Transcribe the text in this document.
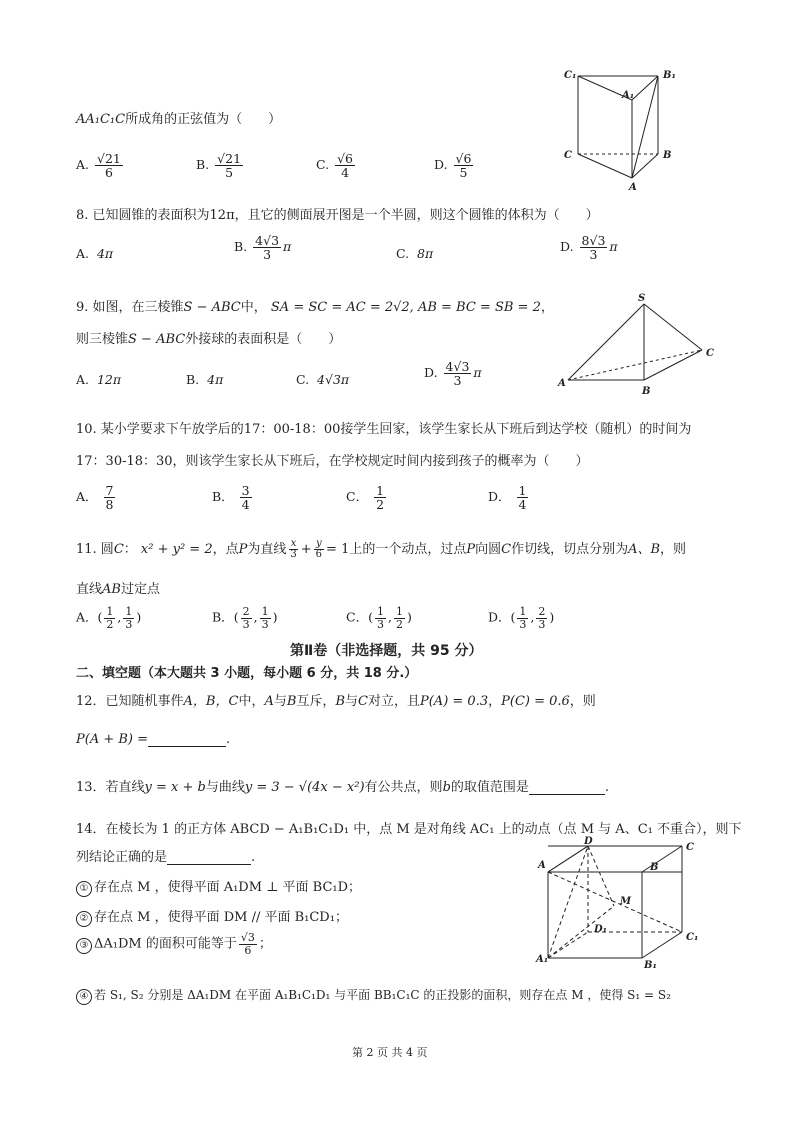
AA₁C₁C所成角的正弦值为（　　）
A. $\frac{√21}{6}$	B. $\frac{√21}{5}$	C. $\frac{√6}{4}$	D. $\frac{√6}{5}$
C₁	B₁
A₁
C	B
A
8. 已知圆锥的表面积为12π，且它的侧面展开图是一个半圆，则这个圆锥的体积为（　　）
A. 4π	B. $\frac{4√3}{3}$ π	C. 8π	D. $\frac{8√3}{3}$ π
9. 如图，在三棱锥S − ABC中， SA = SC = AC = 2√2, AB = BC = SB = 2，
则三棱锥S − ABC外接球的表面积是（　　）
A. 12π	B. 4π	C. 4√3π	D. $\frac{4√3}{3}$ π
S
C
A
B
10. 某小学要求下午放学后的17：00-18：00接学生回家，该学生家长从下班后到达学校（随机）的时间为
17：30-18：30，则该学生家长从下班后，在学校规定时间内接到孩子的概率为（　　）
A． $\frac{7}{8}$	B． $\frac{3}{4}$	C． $\frac{1}{2}$	D． $\frac{1}{4}$
11. 圆C： x² + y² = 2，点P为直线 $\frac{x}{3} + \frac{y}{6} = 1$上的一个动点，过点P向圆C作切线，切点分别为A、B，则
直线AB过定点
A．( $\frac{1}{2}$ , $\frac{1}{3}$ )	B．( $\frac{2}{3}$ , $\frac{1}{3}$ )	C．( $\frac{1}{3}$ , $\frac{1}{2}$ )	D．( $\frac{1}{3}$ , $\frac{2}{3}$ )
第Ⅱ卷（非选择题，共 95 分）
二、填空题（本大题共 3 小题，每小题 6 分，共 18 分.）
12．已知随机事件A，B，C中，A与B互斥，B与C对立，且P(A) = 0.3，P(C) = 0.6，则
P(A + B) =	.
13．若直线y = x + b与曲线y = 3 − √(4x − x²)有公共点，则b的取值范围是	.
14．在棱长为 1 的正方体 ABCD − A₁B₁C₁D₁ 中，点 M 是对角线 AC₁ 上的动点（点 M 与 A、C₁ 不重合），则下
列结论正确的是	.
① 存在点 M ，使得平面 A₁DM ⊥ 平面 BC₁D；
② 存在点 M ，使得平面 DM // 平面 B₁CD₁；
③ ΔA₁DM 的面积可能等于 $\frac{√3}{6}$ ；
④ 若 S₁, S₂ 分别是 ΔA₁DM 在平面 A₁B₁C₁D₁ 与平面 BB₁C₁C 的正投影的面积，则存在点 M ，使得 S₁ = S₂
A
D
B
C
M
D₁
C₁
A₁
B₁
第 2 页 共 4 页
